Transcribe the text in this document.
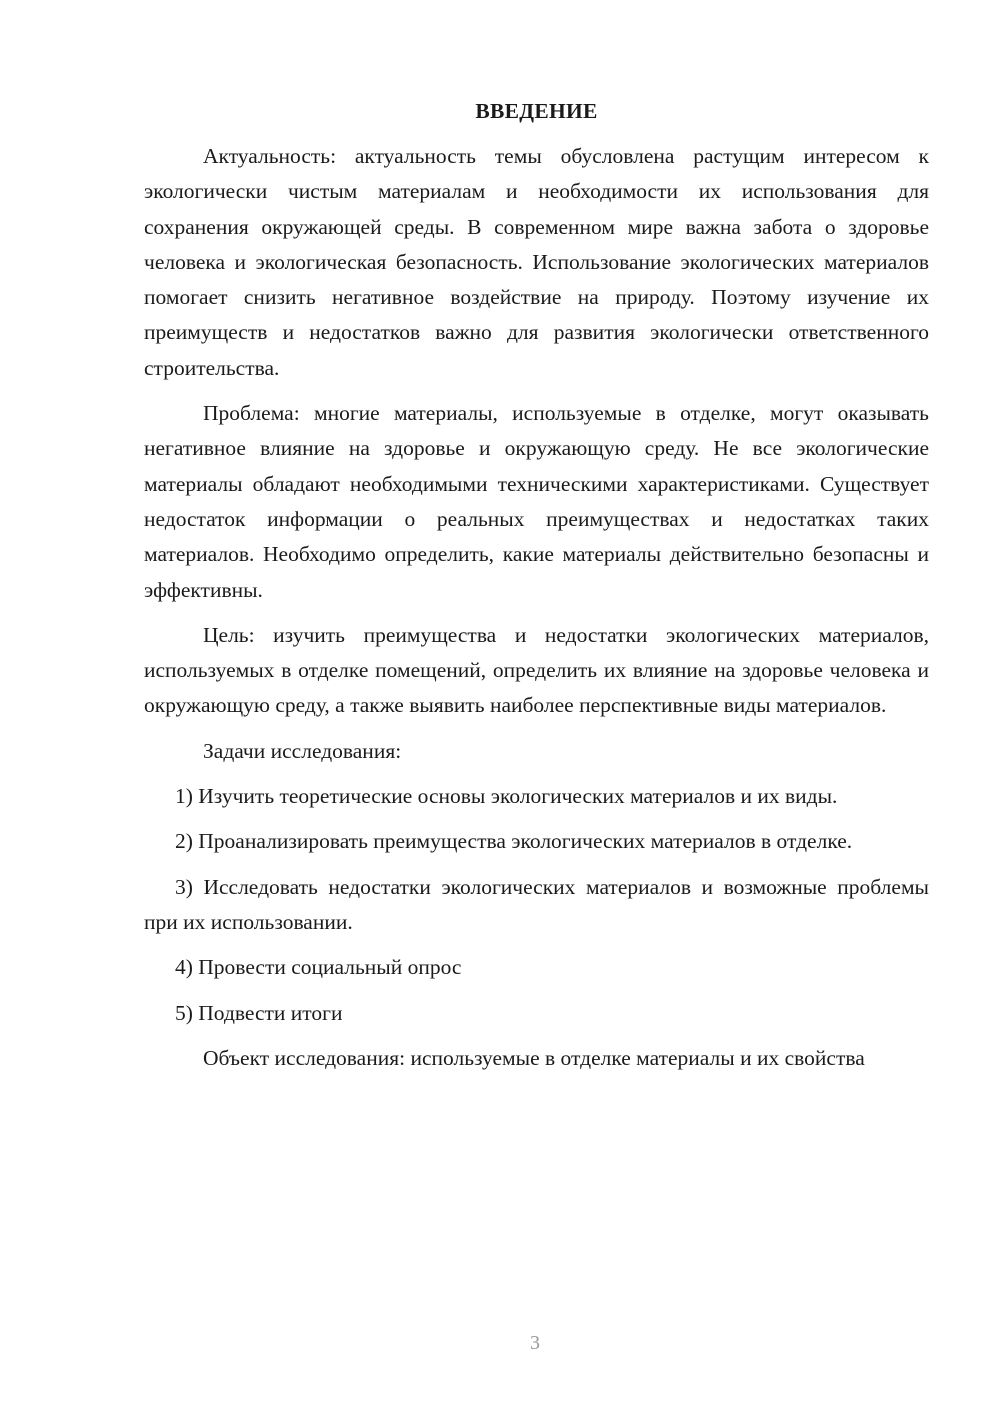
ВВЕДЕНИЕ

Актуальность: актуальность темы обусловлена растущим интересом к экологически чистым материалам и необходимости их использования для сохранения окружающей среды. В современном мире важна забота о здоровье человека и экологическая безопасность. Использование экологических материалов помогает снизить негативное воздействие на природу. Поэтому изучение их преимуществ и недостатков важно для развития экологически ответственного строительства.

Проблема: многие материалы, используемые в отделке, могут оказывать негативное влияние на здоровье и окружающую среду. Не все экологические материалы обладают необходимыми техническими характеристиками. Существует недостаток информации о реальных преимуществах и недостатках таких материалов. Необходимо определить, какие материалы действительно безопасны и эффективны.

Цель: изучить преимущества и недостатки экологических материалов, используемых в отделке помещений, определить их влияние на здоровье человека и окружающую среду, а также выявить наиболее перспективные виды материалов.

Задачи исследования:

1) Изучить теоретические основы экологических материалов и их виды.

2) Проанализировать преимущества экологических материалов в отделке.

3) Исследовать недостатки экологических материалов и возможные проблемы при их использовании.

4) Провести социальный опрос

5) Подвести итоги

Объект исследования: используемые в отделке материалы и их свойства

3
